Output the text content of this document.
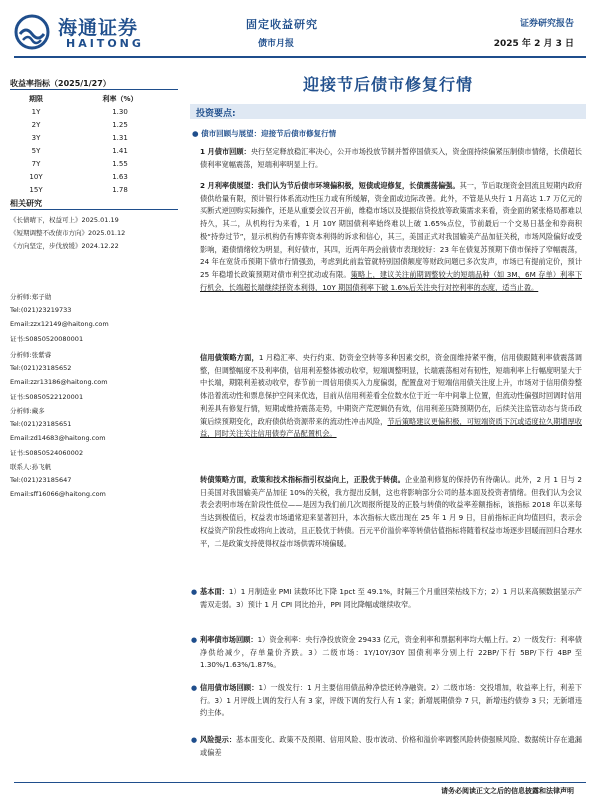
海通证券
HAITONG
固定收益研究
债市月报
证券研究报告
2025 年 2 月 3 日
收益率指标（2025/1/27）
期限	利率（%）
1Y	1.30
2Y	1.25
3Y	1.31
5Y	1.41
7Y	1.55
10Y	1.63
15Y	1.78
相关研究
《长债晴下，权益可上》2025.01.19
《短期调整不改债市方向》2025.01.12
《方向坚定，步伐放缓》2024.12.22
分析师:郑子勋
Tel:(021)23219733
Email:zzx12149@haitong.com
证书:S0850520080001
分析师:张紫睿
Tel:(021)23185652
Email:zzr13186@haitong.com
证书:S0850522120001
分析师:藏多
Tel:(021)23185651
Email:zd14683@haitong.com
证书:S0850524060002
联系人:孙飞帆
Tel:(021)23185647
Email:sff16066@haitong.com
迎接节后债市修复行情
投资要点:
● 债市回顾与展望：迎接节后债市修复行情
1 月债市回顾：央行坚定释放稳汇率决心，公开市场投放节制并暂停国债买入，资金面持续偏紧压制债市情绪，长债超长债利率宽幅震荡，短端利率明显上行。
2 月利率债展望：我们认为节后债市环境偏积极，短债或迎修复，长债震荡偏强。其一，节后取现资金回流且短期内政府债供给量有限，预计银行体系流动性压力或有所缓解，资金面或边际改善。此外，不管是从央行 1 月高达 1.7 万亿元的买断式逆回购实际操作，还是从重要会议召开前，维稳市场以及提振信贷投放等政策需求来看，资金面的紧张格局都难以持久，其二，从机构行为来看，1 月 10Y 期国债利率始终难以上破 1.65%点位，节前最后一个交易日基金和券商积极“持券过节”，显示机构仍有博弈资本利得的诉求和信心，其三，美国正式对我国输美产品加征关税，市场风险偏好或受影响，避债情绪较为明显，利好债市，其四，近两年两会前债市表现较好：23 年在债复苏预期下债市保持了窄幅震荡，24 年在宽货币预期下债市行情强劲，考虑到此前监管就特别国债额度等财政问题已多次发声，市场已有提前定价，预计 25 年稳增长政策预期对债市利空扰动或有限。策略上，建议关注前期调整较大的短端品种（如 3M、6M 存单）利率下行机会，长端超长端继续择资本利得，10Y 期国债利率下破 1.6%后关注央行对控利率的态度，适当止盈。
信用债策略方面，1 月稳汇率、央行约束、防资金空转等多种因素交织，资金面维持紧平衡，信用债跟随利率债震荡调整，但调整幅度不及利率债，信用利差整体被动收窄，短端调整明显，长端震荡相对有韧性，短端利率上行幅度明显大于中长端，期限利差被动收窄，春节前一周信用债买入力度偏弱，配置盘对于短端信用债关注度上升，市场对于信用债券整体沿着流动性和票息保护空间来优选，目前从信用利差看全位数水位于近一年中间靠上位置，但流动性偏强时回调时信用利差具有修复行情，短期或维持震荡走势，中期资产荒逻辑仍有效，信用利差压降预期仍在，后续关注监管动态与货币政策后续预期变化，政府债供给资源带来的流动性冲击风险，节后策略建议更偏积极，可短端资质下沉或适度拉久期增厚收益，同时关注关注信用债券产品配置机会。
转债策略方面，政策和技术指标指引权益向上，正股优于转债。企业盈利修复的保持仍有待确认。此外，2 月 1 日与 2 日美国对我国输美产品加征 10%的关税，我方提出反制，这也将影响部分公司的基本面及投资者情绪。但我们认为会议表会表明市场在阶段性低位——是因为我们前几次周报所提及的正股与转债的收益率差额指标，该指标 2018 年以来每当达到极值后，权益表市场通常迎来显著回升，本次指标大底出现在 25 年 1 月 9 日，目前指标正向均值回归，表示会权益资产阶段性或将向上波动，且正股优于转债。百元平价溢价率等转债估值指标将随着权益市场逐步回暖而回归合理水平，二是政策支持使得权益市场供需环境偏暖。
● 基本面：1）1 月制造业 PMI 读数环比下降 1pct 至 49.1%，时隔三个月重回荣枯线下方；2）1 月以来高频数据显示产需双走弱。3）预计 1 月 CPI 同比抬升，PPI 同比降幅或继续收窄。
● 利率债市场回顾：1）资金利率：央行净投放资金 29433 亿元，资金利率和票据利率均大幅上行。2）一级发行：利率债净供给减少，存单量价齐跌。3）二级市场：1Y/10Y/30Y 国债利率分别上行 22BP/下行 5BP/下行 4BP 至 1.30%/1.63%/1.87%。
● 信用债市场回顾：1）一级发行：1 月主要信用债品种净偿还转净融资。2）二级市场：交投增加，收益率上行，利差下行。3）1 月评级上调的发行人有 3 家，评级下调的发行人有 1 家；新增展期债券 7 只，新增违约债券 3 只；无新增违约主体。
● 风险提示：基本面变化、政策不及预期、信用风险、股市波动、价格和溢价率调整风险转债强赎风险、数据统计存在遗漏或偏差
请务必阅读正文之后的信息披露和法律声明
